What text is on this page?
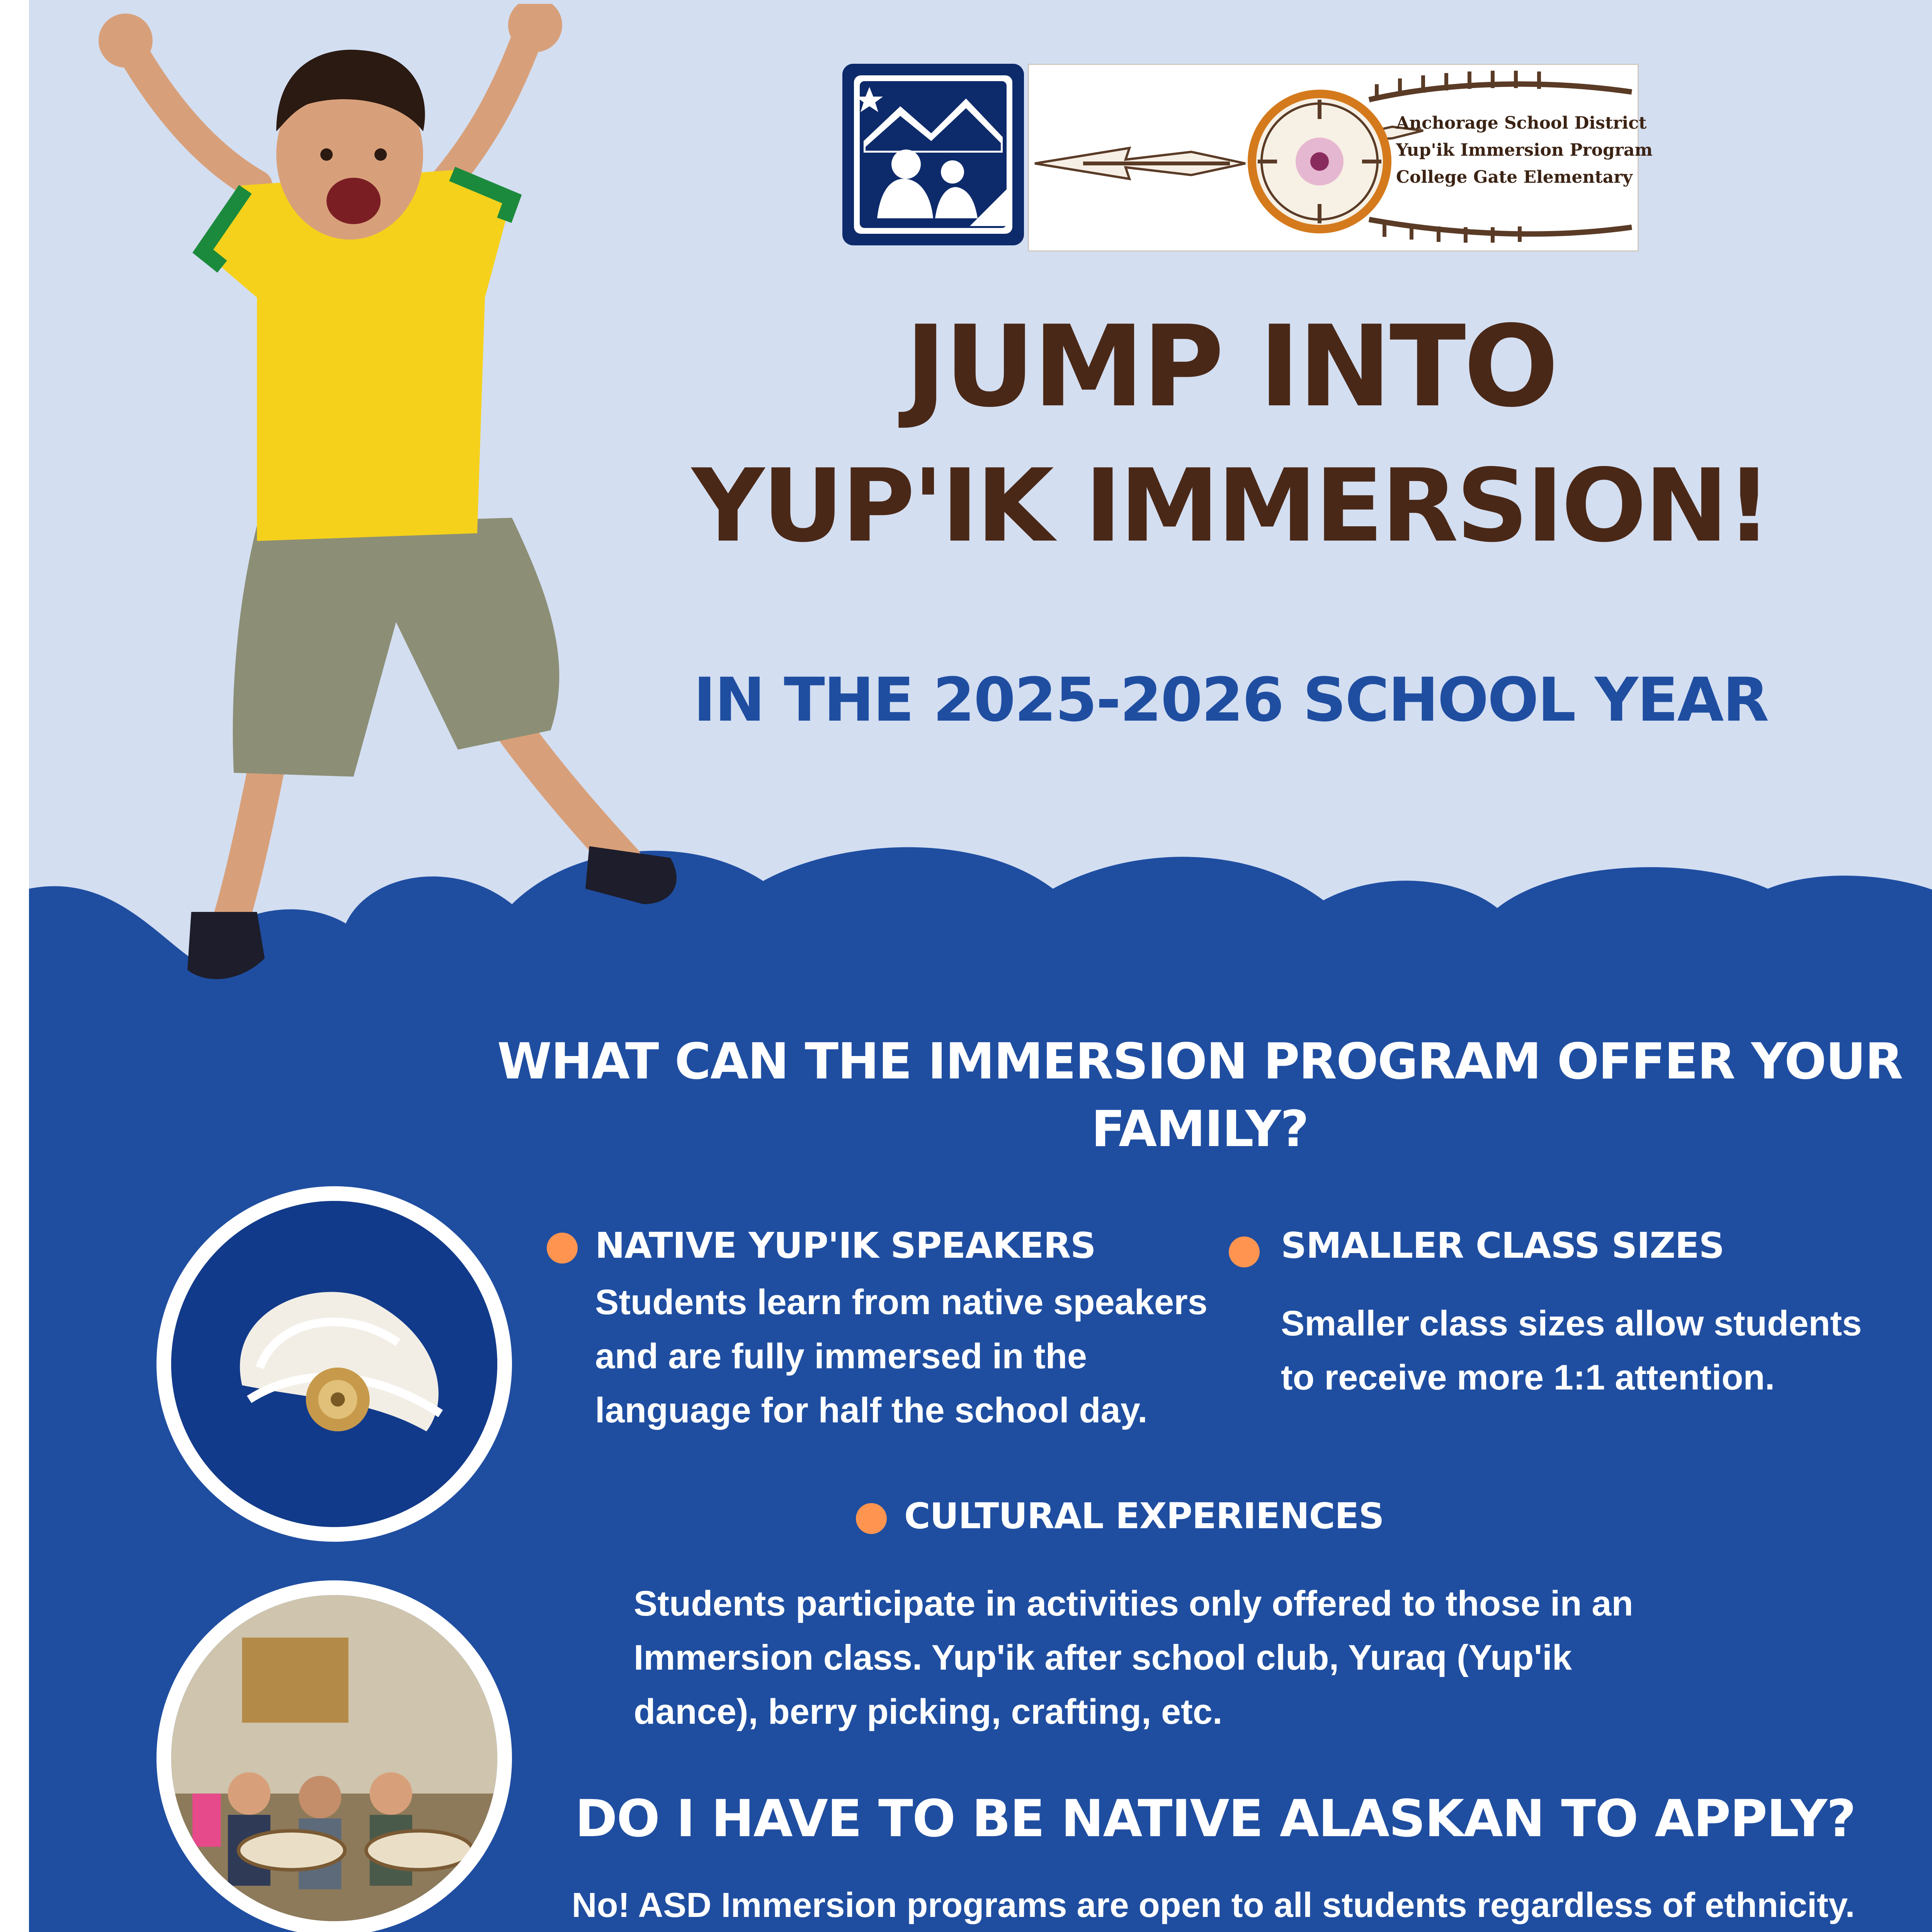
Anchorage School District
Yup'ik Immersion Program
College Gate Elementary
JUMP INTO
YUP'IK IMMERSION!
IN THE 2025-2026 SCHOOL YEAR
WHAT CAN THE IMMERSION PROGRAM OFFER YOUR FAMILY?
NATIVE YUP'IK SPEAKERS
Students learn from native speakers and are fully immersed in the language for half the school day.
SMALLER CLASS SIZES
Smaller class sizes allow students to receive more 1:1 attention.
CULTURAL EXPERIENCES
Students participate in activities only offered to those in an Immersion class. Yup'ik after school club, Yuraq (Yup'ik dance), berry picking, crafting, etc.
DO I HAVE TO BE NATIVE ALASKAN TO APPLY?
No! ASD Immersion programs are open to all students regardless of ethnicity.
